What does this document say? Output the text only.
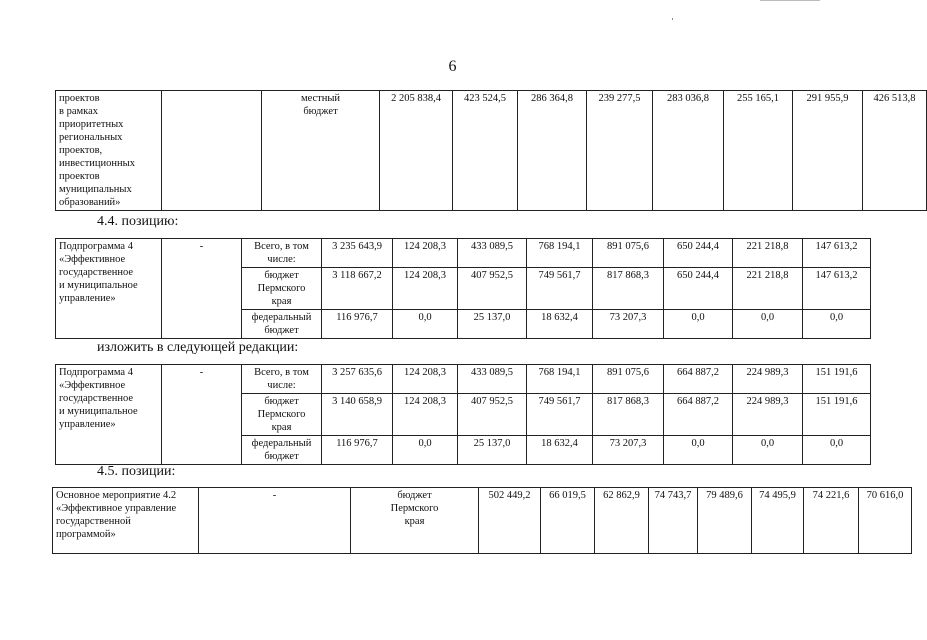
6
проектов
в рамках
приоритетных
региональных
проектов,
инвестиционных
проектов
муниципальных
образований»		местный
бюджет	2 205 838,4	423 524,5	286 364,8	239 277,5	283 036,8	255 165,1	291 955,9	426 513,8
4.4. позицию:
Подпрограмма 4
«Эффективное
государственное
и муниципальное
управление»	-	Всего, в том
числе:	3 235 643,9	124 208,3	433 089,5	768 194,1	891 075,6	650 244,4	221 218,8	147 613,2
		бюджет
Пермского
края	3 118 667,2	124 208,3	407 952,5	749 561,7	817 868,3	650 244,4	221 218,8	147 613,2
		федеральный
бюджет	116 976,7	0,0	25 137,0	18 632,4	73 207,3	0,0	0,0	0,0
изложить в следующей редакции:
Подпрограмма 4
«Эффективное
государственное
и муниципальное
управление»	-	Всего, в том
числе:	3 257 635,6	124 208,3	433 089,5	768 194,1	891 075,6	664 887,2	224 989,3	151 191,6
		бюджет
Пермского
края	3 140 658,9	124 208,3	407 952,5	749 561,7	817 868,3	664 887,2	224 989,3	151 191,6
		федеральный
бюджет	116 976,7	0,0	25 137,0	18 632,4	73 207,3	0,0	0,0	0,0
4.5. позиции:
Основное мероприятие 4.2
«Эффективное управление
государственной
программой»	-	бюджет
Пермского
края	502 449,2	66 019,5	62 862,9	74 743,7	79 489,6	74 495,9	74 221,6	70 616,0
